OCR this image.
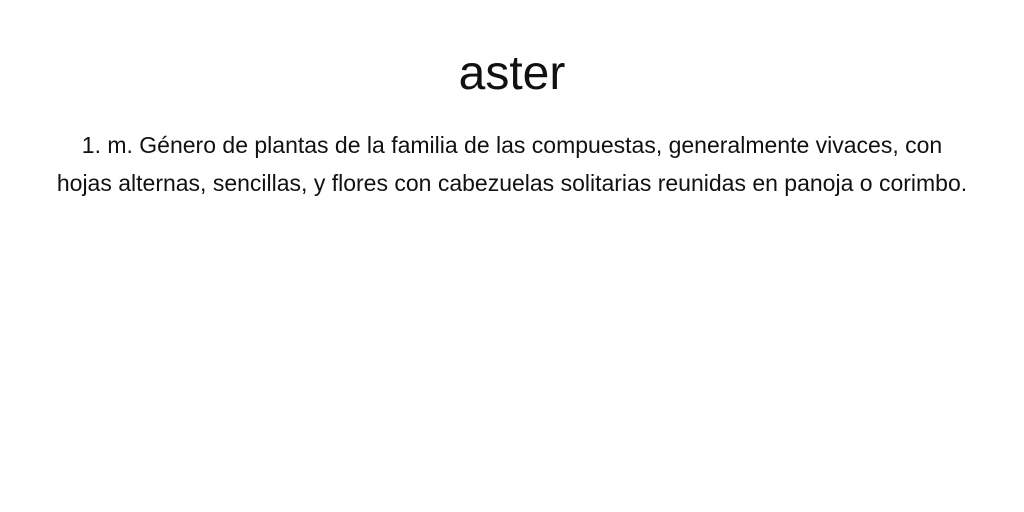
aster

1. m. Género de plantas de la familia de las compuestas, generalmente vivaces, con hojas alternas, sencillas, y flores con cabezuelas solitarias reunidas en panoja o corimbo.
